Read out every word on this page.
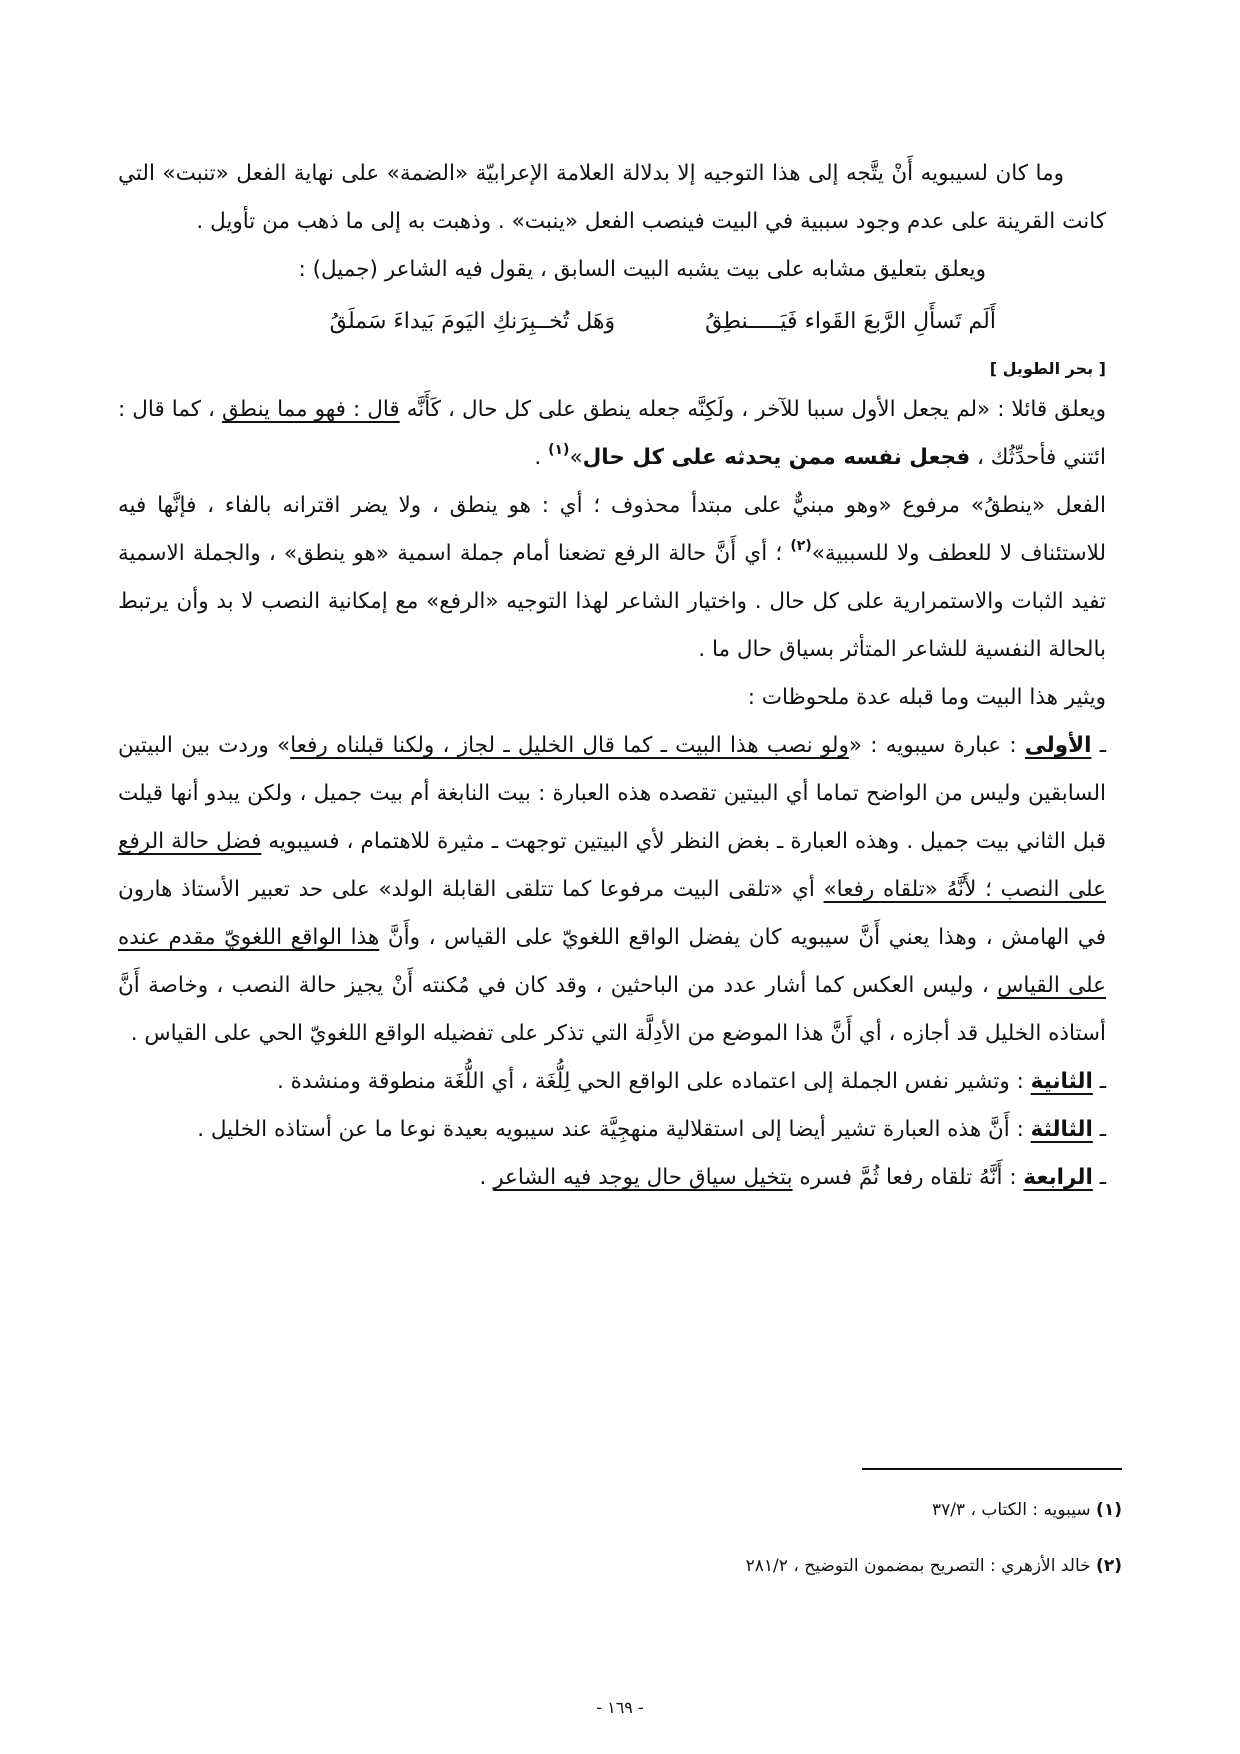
وما كان لسيبويه أَنْ يتَّجه إلى هذا التوجيه إلا بدلالة العلامة الإعرابيّة «الضمة» على نهاية الفعل «تنبت» التي كانت القرينة على عدم وجود سببية في البيت فينصب الفعل «ينبت» . وذهبت به إلى ما ذهب من تأويل .

ويعلق بتعليق مشابه على بيت يشبه البيت السابق ، يقول فيه الشاعر (جميل) :
أَلَم تَسأَلِ الرَّبعَ القَواء فَيَـــــنطِقُ
وَهَل تُخــبِرَنكِ اليَومَ بَيداءَ سَملَقُ
[ بحر الطويل ]

ويعلق قائلا : «لم يجعل الأول سببا للآخر ، ولَكِنَّه جعله ينطق على كل حال ، كَأَنَّه قال : فهو مما ينطق ، كما قال : ائتني فأحدِّثُك ، فجعل نفسه ممن يحدثه على كل حال»$^{(١)}$ .

الفعل «ينطقُ» مرفوع «وهو مبنيٌّ على مبتدأ محذوف ؛ أي : هو ينطق ، ولا يضر اقترانه بالفاء ، فإنَّها فيه للاستئناف لا للعطف ولا للسببية»$^{(٢)}$ ؛ أي أَنَّ حالة الرفع تضعنا أمام جملة اسمية «هو ينطق» ، والجملة الاسمية تفيد الثبات والاستمرارية على كل حال . واختيار الشاعر لهذا التوجيه «الرفع» مع إمكانية النصب لا بد وأن يرتبط بالحالة النفسية للشاعر المتأثر بسياق حال ما .

ويثير هذا البيت وما قبله عدة ملحوظات :

ـ الأولى : عبارة سيبويه : «ولو نصب هذا البيت ـ كما قال الخليل ـ لجاز ، ولكنا قبلناه رفعا» وردت بين البيتين السابقين وليس من الواضح تماما أي البيتين تقصده هذه العبارة : بيت النابغة أم بيت جميل ، ولكن يبدو أنها قيلت قبل الثاني بيت جميل . وهذه العبارة ـ بغض النظر لأي البيتين توجهت ـ مثيرة للاهتمام ، فسيبويه فضل حالة الرفع على النصب ؛ لأَنَّهُ «تلقاه رفعا» أي «تلقى البيت مرفوعا كما تتلقى القابلة الولد» على حد تعبير الأستاذ هارون في الهامش ، وهذا يعني أَنَّ سيبويه كان يفضل الواقع اللغويّ على القياس ، وأَنَّ هذا الواقع اللغويّ مقدم عنده على القياس ، وليس العكس كما أشار عدد من الباحثين ، وقد كان في مُكنته أَنْ يجيز حالة النصب ، وخاصة أَنَّ أستاذه الخليل قد أجازه ، أي أَنَّ هذا الموضع من الأدِلَّة التي تذكر على تفضيله الواقع اللغويّ الحي على القياس .

ـ الثانية : وتشير نفس الجملة إلى اعتماده على الواقع الحي لِلُّغَة ، أي اللُّغَة منطوقة ومنشدة .

ـ الثالثة : أَنَّ هذه العبارة تشير أيضا إلى استقلالية منهجِيَّة عند سيبويه بعيدة نوعا ما عن أستاذه الخليل .

ـ الرابعة : أَنَّهُ تلقاه رفعا ثُمَّ فسره بتخيل سياق حال يوجد فيه الشاعر .

(١) سيبويه : الكتاب ، ٣٧/٣
(٢) خالد الأزهري : التصريح بمضمون التوضيح ، ٢٨١/٢
- ١٦٩ -
